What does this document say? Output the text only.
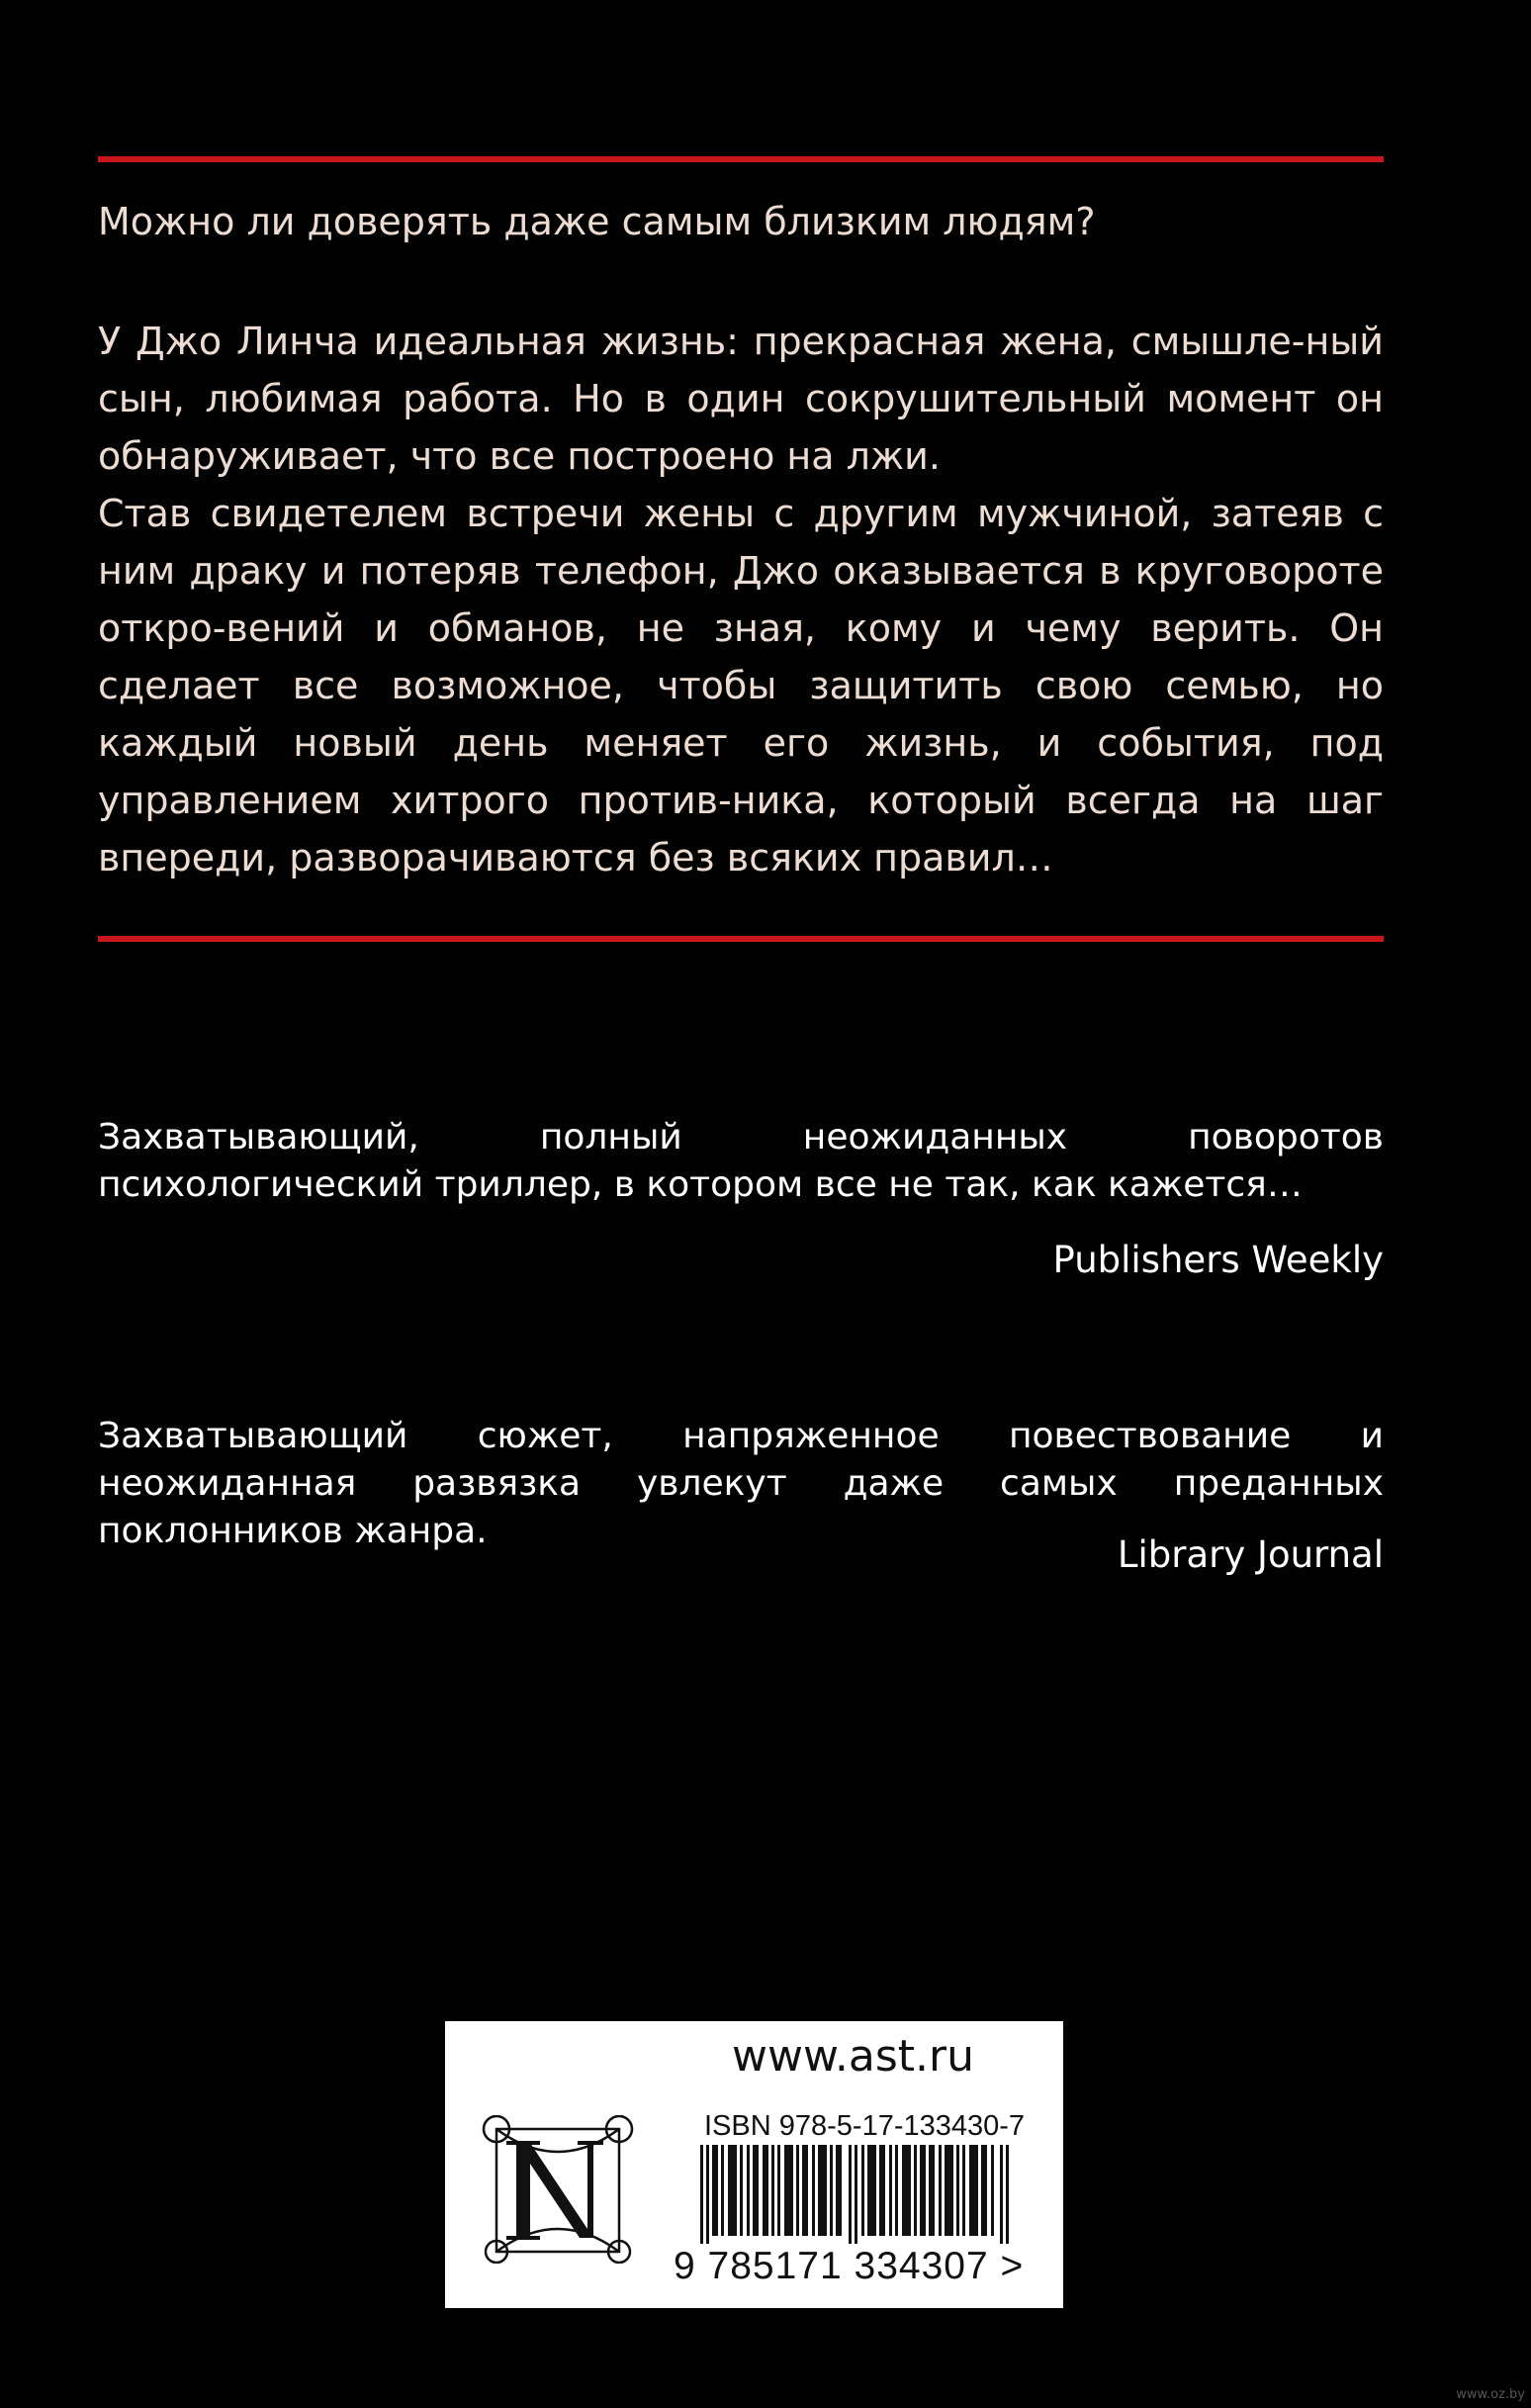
Можно ли доверять даже самым близким людям?

У Джо Линча идеальная жизнь: прекрасная жена, смышле-ный сын, любимая работа. Но в один сокрушительный момент он обнаруживает, что все построено на лжи.

Став свидетелем встречи жены с другим мужчиной, затеяв с ним драку и потеряв телефон, Джо оказывается в круговороте откро-вений и обманов, не зная, кому и чему верить. Он сделает все возможное, чтобы защитить свою семью, но каждый новый день меняет его жизнь, и события, под управлением хитрого против-ника, который всегда на шаг впереди, разворачиваются без всяких правил…

Захватывающий, полный неожиданных поворотов психологический триллер, в котором все не так, как кажется…
Publishers Weekly
Захватывающий сюжет, напряженное повествование и неожиданная развязка увлекут даже самых преданных поклонников жанра.
Library Journal
www.ast.ru
ISBN 978-5-17-133430-7
9 785171 334307 >
www.oz.by
